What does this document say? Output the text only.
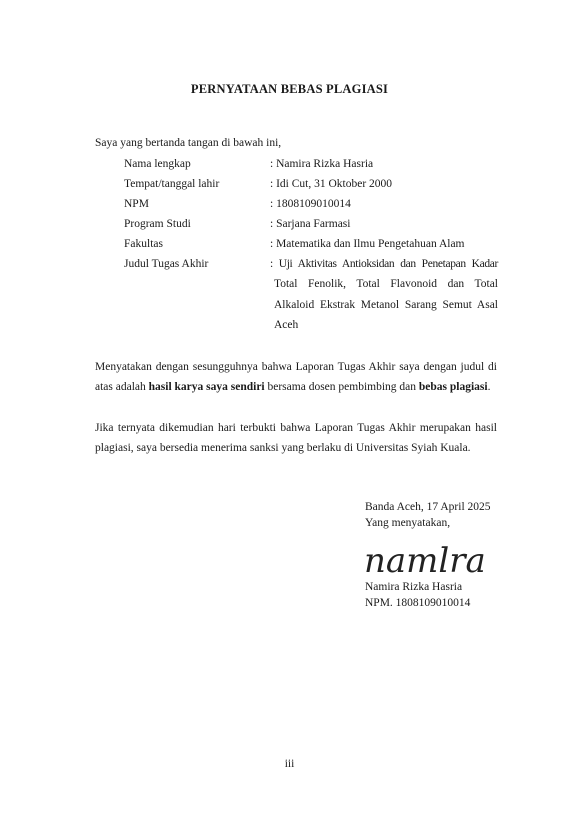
PERNYATAAN BEBAS PLAGIASI
Saya yang bertanda tangan di bawah ini,
Nama lengkap	: Namira Rizka Hasria
Tempat/tanggal lahir	: Idi Cut, 31 Oktober 2000
NPM	: 1808109010014
Program Studi	: Sarjana Farmasi
Fakultas	: Matematika dan Ilmu Pengetahuan Alam
Judul Tugas Akhir	: Uji Aktivitas Antioksidan dan Penetapan Kadar
Total Fenolik, Total Flavonoid dan Total
Alkaloid Ekstrak Metanol Sarang Semut Asal
Aceh
Menyatakan dengan sesungguhnya bahwa Laporan Tugas Akhir saya dengan judul di
atas adalah hasil karya saya sendiri bersama dosen pembimbing dan bebas plagiasi.
Jika ternyata dikemudian hari terbukti bahwa Laporan Tugas Akhir merupakan hasil
plagiasi, saya bersedia menerima sanksi yang berlaku di Universitas Syiah Kuala.
Banda Aceh, 17 April 2025
Yang menyatakan,
namlra
Namira Rizka Hasria
NPM. 1808109010014
iii
